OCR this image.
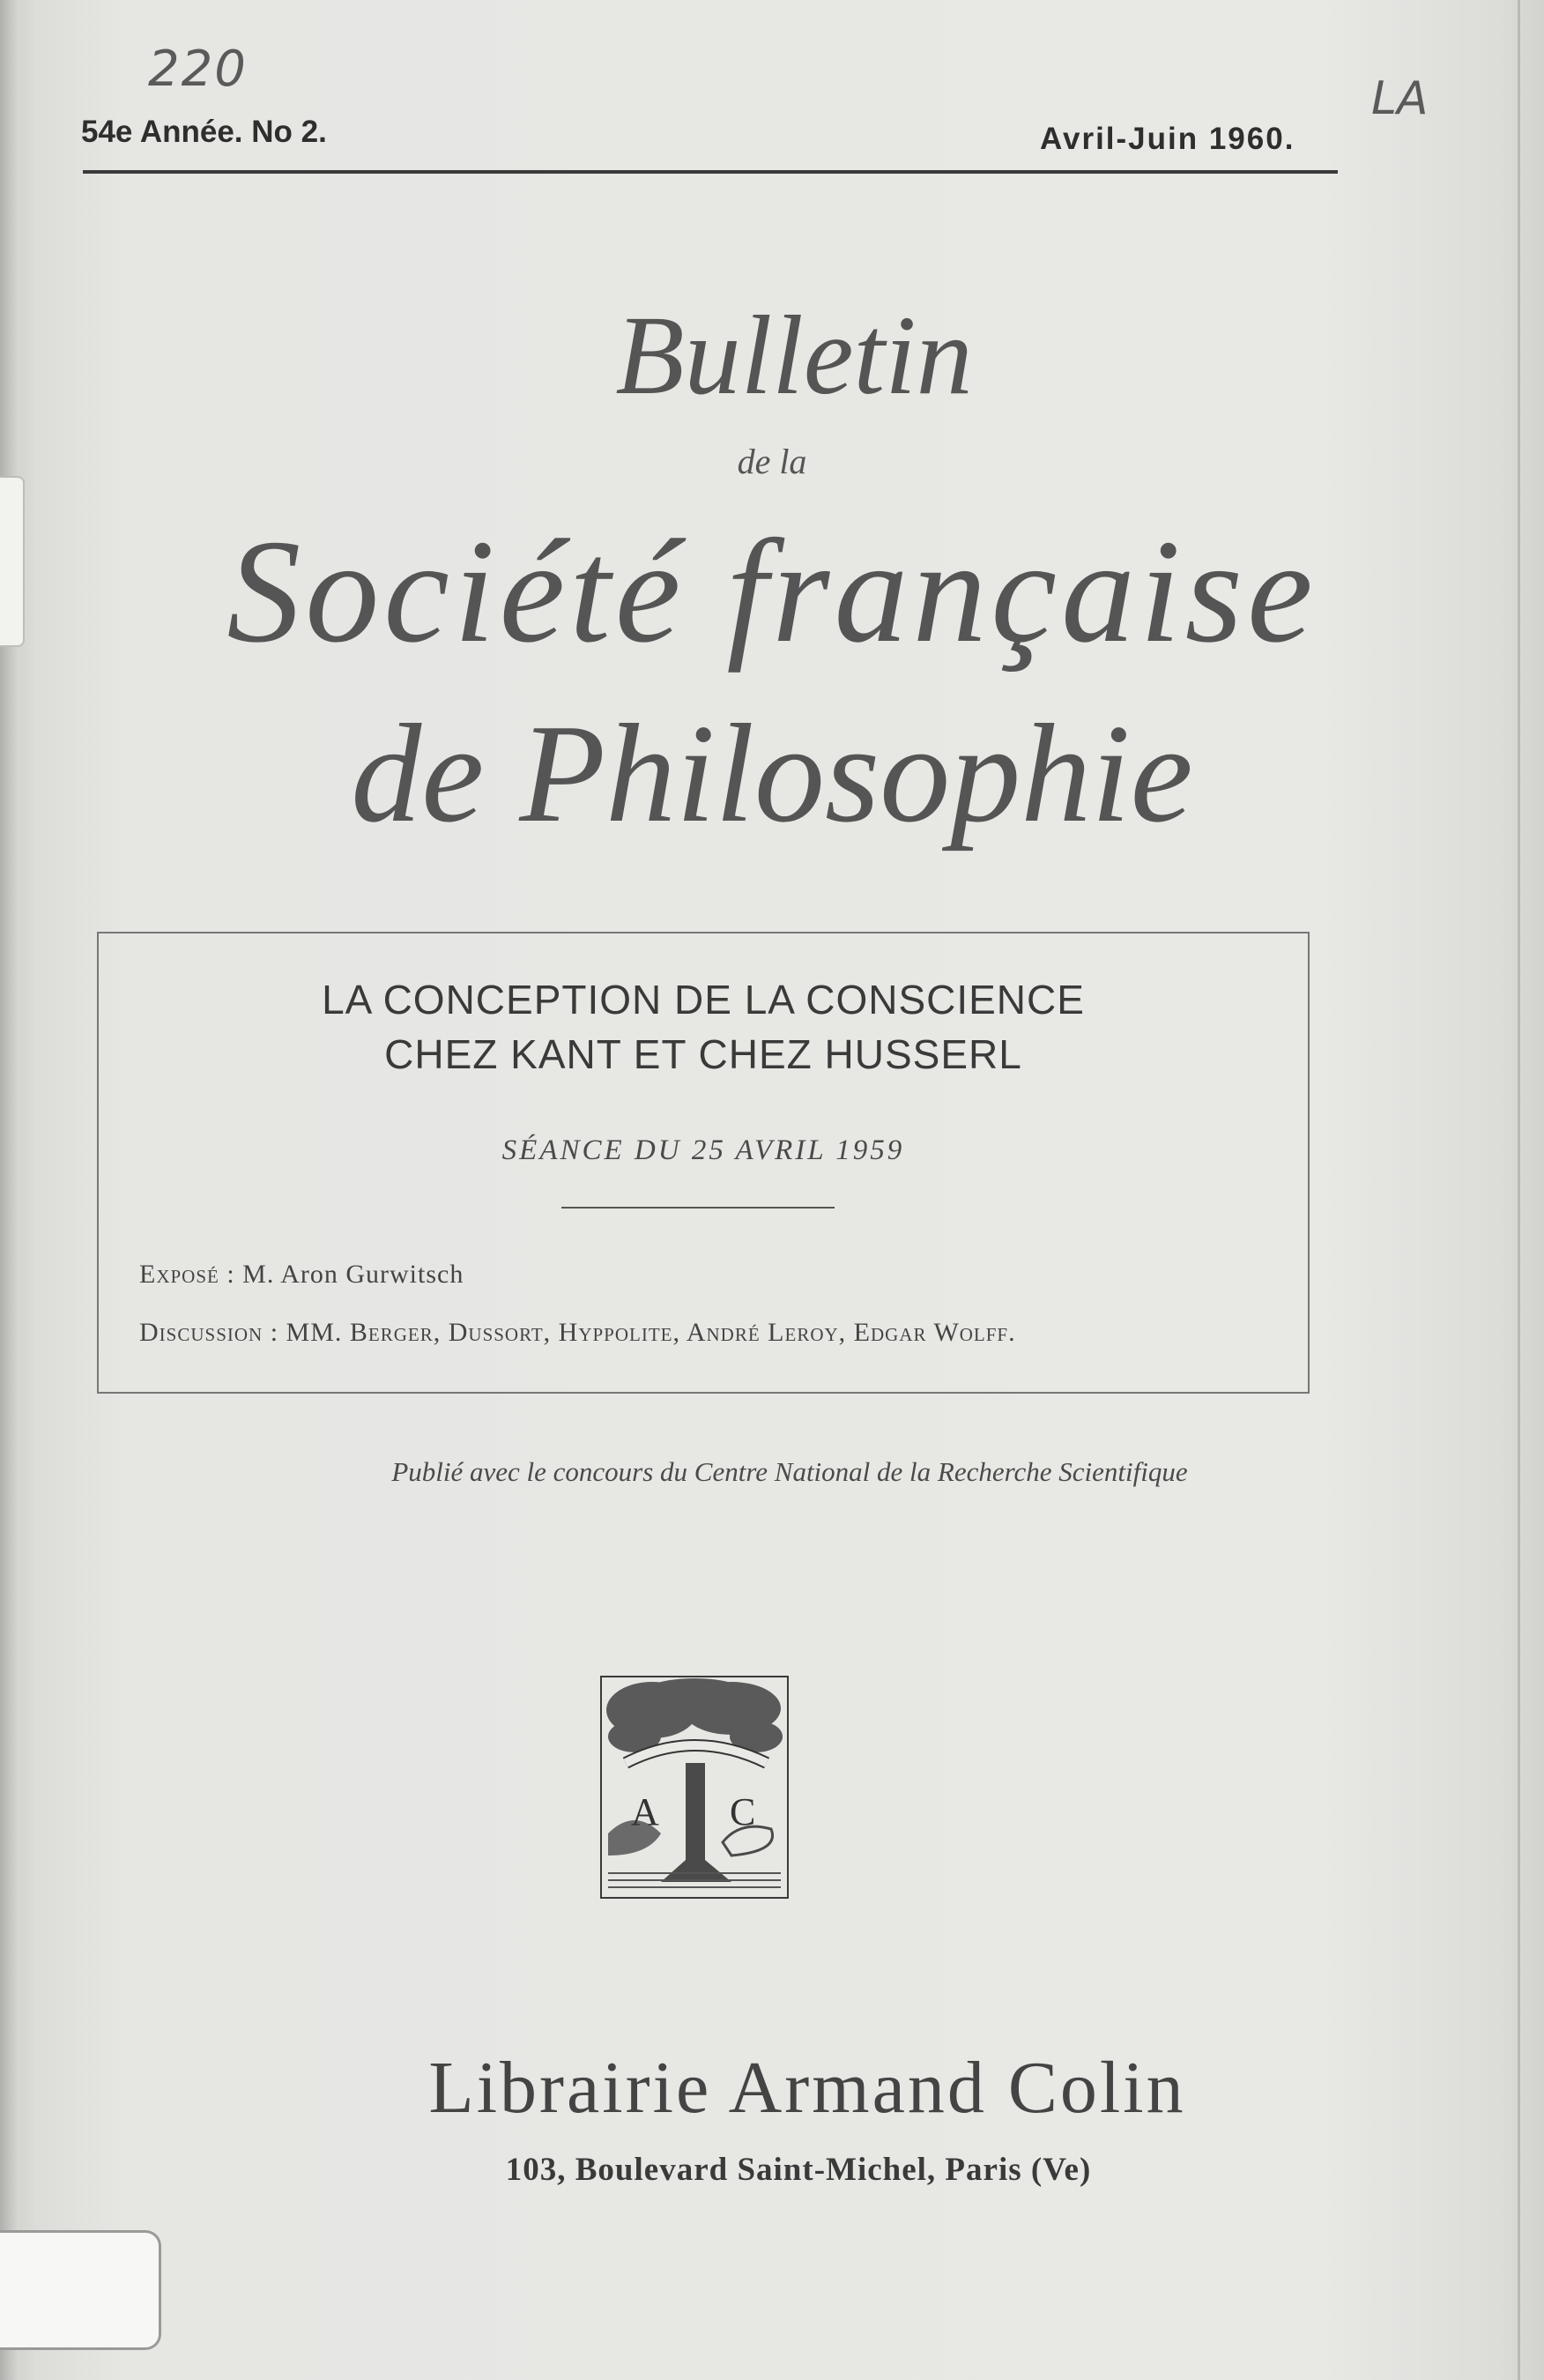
220
LA
54e Année. No 2.	Avril-Juin 1960.
Bulletin
de la
Société française
de Philosophie
LA CONCEPTION DE LA CONSCIENCE
CHEZ KANT ET CHEZ HUSSERL
SÉANCE DU 25 AVRIL 1959
Exposé : M. Aron Gurwitsch
Discussion : MM. Berger, Dussort, Hyppolite, André Leroy, Edgar Wolff.
Publié avec le concours du Centre National de la Recherche Scientifique
A C
Librairie Armand Colin
103, Boulevard Saint-Michel, Paris (Ve)
